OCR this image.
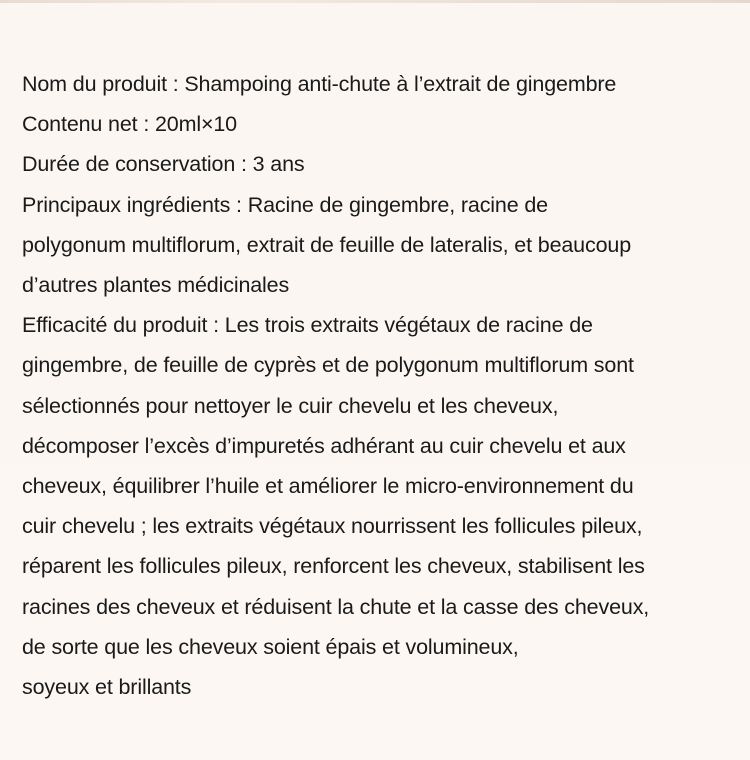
Nom du produit : Shampoing anti-chute à l’extrait de gingembre
Contenu net : 20ml×10
Durée de conservation : 3 ans
Principaux ingrédients : Racine de gingembre, racine de
polygonum multiflorum, extrait de feuille de lateralis, et beaucoup
d’autres plantes médicinales
Efficacité du produit : Les trois extraits végétaux de racine de
gingembre, de feuille de cyprès et de polygonum multiflorum sont
sélectionnés pour nettoyer le cuir chevelu et les cheveux,
décomposer l’excès d’impuretés adhérant au cuir chevelu et aux
cheveux, équilibrer l’huile et améliorer le micro-environnement du
cuir chevelu ; les extraits végétaux nourrissent les follicules pileux,
réparent les follicules pileux, renforcent les cheveux, stabilisent les
racines des cheveux et réduisent la chute et la casse des cheveux,
de sorte que les cheveux soient épais et volumineux,
soyeux et brillants
